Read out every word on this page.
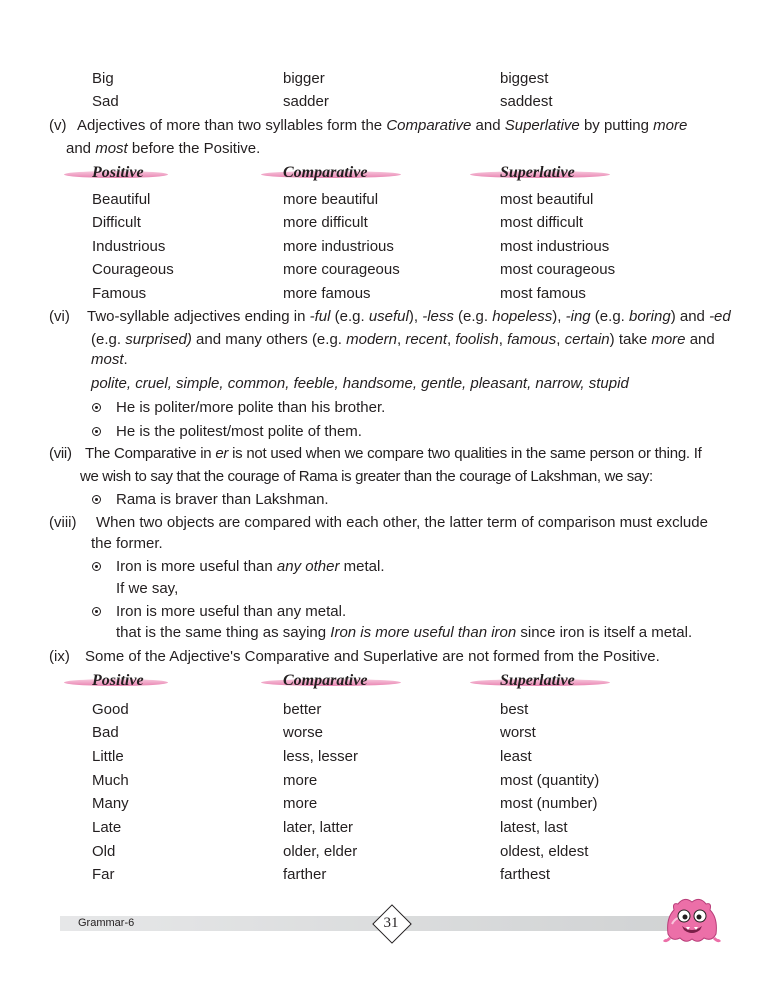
Big	bigger	biggest
Sad	sadder	saddest
(v) Adjectives of more than two syllables form the Comparative and Superlative by putting more
and most before the Positive.
Positive	Comparative	Superlative
Beautiful	more beautiful	most beautiful
Difficult	more difficult	most difficult
Industrious	more industrious	most industrious
Courageous	more courageous	most courageous
Famous	more famous	most famous
(vi) Two-syllable adjectives ending in -ful (e.g. useful), -less (e.g. hopeless), -ing (e.g. boring) and -ed
(e.g. surprised) and many others (e.g. modern, recent, foolish, famous, certain) take more and
most.
polite, cruel, simple, common, feeble, handsome, gentle, pleasant, narrow, stupid
He is politer/more polite than his brother.
He is the politest/most polite of them.
(vii) The Comparative in er is not used when we compare two qualities in the same person or thing. If
we wish to say that the courage of Rama is greater than the courage of Lakshman, we say:
Rama is braver than Lakshman.
(viii) When two objects are compared with each other, the latter term of comparison must exclude
the former.
Iron is more useful than any other metal.
If we say,
Iron is more useful than any metal.
that is the same thing as saying Iron is more useful than iron since iron is itself a metal.
(ix) Some of the Adjective's Comparative and Superlative are not formed from the Positive.
Positive	Comparative	Superlative
Good	better	best
Bad	worse	worst
Little	less, lesser	least
Much	more	most (quantity)
Many	more	most (number)
Late	later, latter	latest, last
Old	older, elder	oldest, eldest
Far	farther	farthest
Grammar-6	31
